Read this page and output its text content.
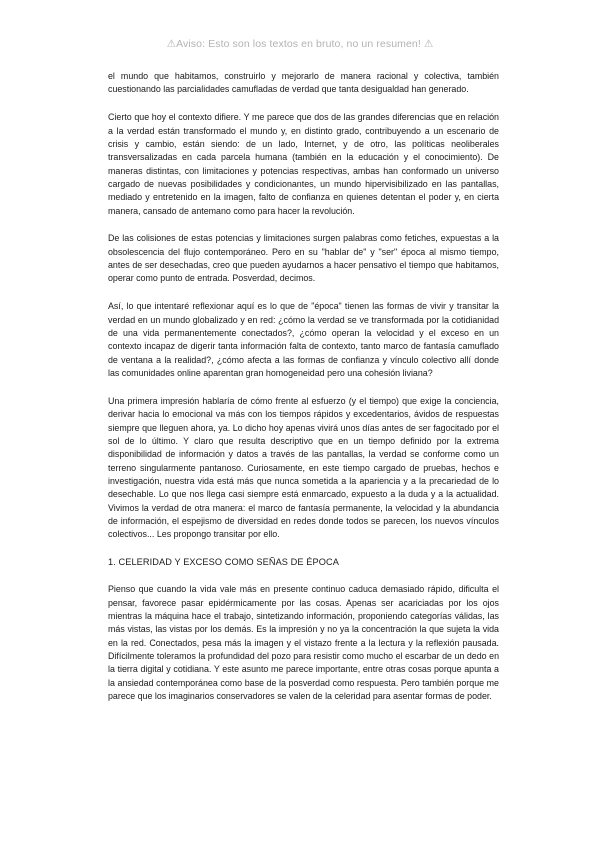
⚠Aviso: Esto son los textos en bruto, no un resumen! ⚠

el mundo que habitamos, construirlo y mejorarlo de manera racional y colectiva, también cuestionando las parcialidades camufladas de verdad que tanta desigualdad han generado.

Cierto que hoy el contexto difiere. Y me parece que dos de las grandes diferencias que en relación a la verdad están transformado el mundo y, en distinto grado, contribuyendo a un escenario de crisis y cambio, están siendo: de un lado, Internet, y de otro, las políticas neoliberales transversalizadas en cada parcela humana (también en la educación y el conocimiento). De maneras distintas, con limitaciones y potencias respectivas, ambas han conformado un universo cargado de nuevas posibilidades y condicionantes, un mundo hipervisibilizado en las pantallas, mediado y entretenido en la imagen, falto de confianza en quienes detentan el poder y, en cierta manera, cansado de antemano como para hacer la revolución.

De las colisiones de estas potencias y limitaciones surgen palabras como fetiches, expuestas a la obsolescencia del flujo contemporáneo. Pero en su "hablar de" y "ser" época al mismo tiempo, antes de ser desechadas, creo que pueden ayudarnos a hacer pensativo el tiempo que habitamos, operar como punto de entrada. Posverdad, decimos.

Así, lo que intentaré reflexionar aquí es lo que de "época" tienen las formas de vivir y transitar la verdad en un mundo globalizado y en red: ¿cómo la verdad se ve transformada por la cotidianidad de una vida permanentemente conectados?, ¿cómo operan la velocidad y el exceso en un contexto incapaz de digerir tanta información falta de contexto, tanto marco de fantasía camuflado de ventana a la realidad?, ¿cómo afecta a las formas de confianza y vínculo colectivo allí donde las comunidades online aparentan gran homogeneidad pero una cohesión liviana?

Una primera impresión hablaría de cómo frente al esfuerzo (y el tiempo) que exige la conciencia, derivar hacia lo emocional va más con los tiempos rápidos y excedentarios, ávidos de respuestas siempre que lleguen ahora, ya. Lo dicho hoy apenas vivirá unos días antes de ser fagocitado por el sol de lo último. Y claro que resulta descriptivo que en un tiempo definido por la extrema disponibilidad de información y datos a través de las pantallas, la verdad se conforme como un terreno singularmente pantanoso. Curiosamente, en este tiempo cargado de pruebas, hechos e investigación, nuestra vida está más que nunca sometida a la apariencia y a la precariedad de lo desechable. Lo que nos llega casi siempre está enmarcado, expuesto a la duda y a la actualidad. Vivimos la verdad de otra manera: el marco de fantasía permanente, la velocidad y la abundancia de información, el espejismo de diversidad en redes donde todos se parecen, los nuevos vínculos colectivos... Les propongo transitar por ello.

1. CELERIDAD Y EXCESO COMO SEÑAS DE ÉPOCA

Pienso que cuando la vida vale más en presente continuo caduca demasiado rápido, dificulta el pensar, favorece pasar epidérmicamente por las cosas. Apenas ser acariciadas por los ojos mientras la máquina hace el trabajo, sintetizando información, proponiendo categorías válidas, las más vistas, las vistas por los demás. Es la impresión y no ya la concentración la que sujeta la vida en la red. Conectados, pesa más la imagen y el vistazo frente a la lectura y la reflexión pausada. Difícilmente toleramos la profundidad del pozo para resistir como mucho el escarbar de un dedo en la tierra digital y cotidiana. Y este asunto me parece importante, entre otras cosas porque apunta a la ansiedad contemporánea como base de la posverdad como respuesta. Pero también porque me parece que los imaginarios conservadores se valen de la celeridad para asentar formas de poder.
